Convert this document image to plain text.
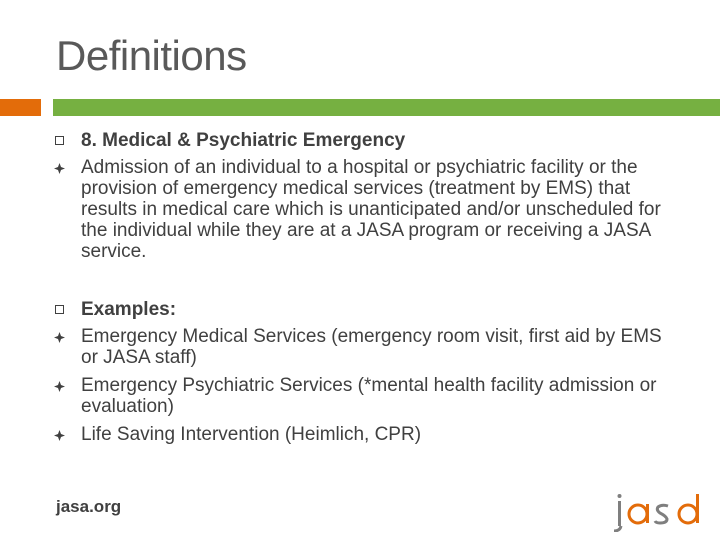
Definitions
8. Medical & Psychiatric Emergency
Admission of an individual to a hospital or psychiatric facility or the provision of emergency medical services (treatment by EMS) that results in medical care which is unanticipated and/or unscheduled for the individual while they are at a JASA program or receiving a JASA service.
Examples:
Emergency Medical Services (emergency room visit, first aid by EMS or JASA staff)
Emergency Psychiatric Services (*mental health facility admission or evaluation)
Life Saving Intervention (Heimlich, CPR)
jasa.org
